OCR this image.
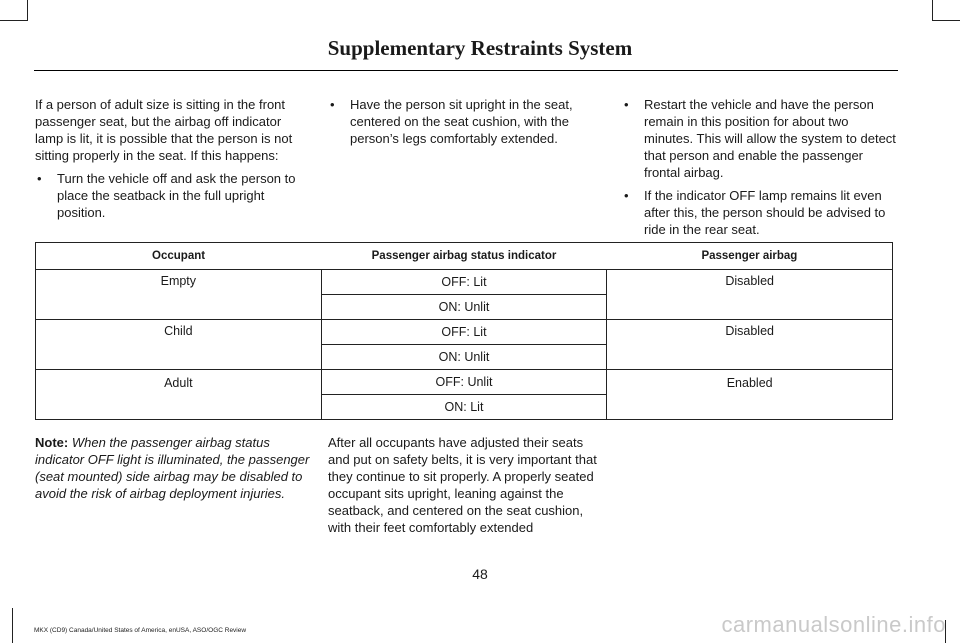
Supplementary Restraints System

If a person of adult size is sitting in the front passenger seat, but the airbag off indicator lamp is lit, it is possible that the person is not sitting properly in the seat. If this happens:

• Turn the vehicle off and ask the person to place the seatback in the full upright position.
• Have the person sit upright in the seat, centered on the seat cushion, with the person’s legs comfortably extended.
• Restart the vehicle and have the person remain in this position for about two minutes. This will allow the system to detect that person and enable the passenger frontal airbag.
• If the indicator OFF lamp remains lit even after this, the person should be advised to ride in the rear seat.
Occupant	Passenger airbag status indicator	Passenger airbag
Empty	OFF: Lit	Disabled
	ON: Unlit	
Child	OFF: Lit	Disabled
	ON: Unlit	
Adult	OFF: Unlit	Enabled
	ON: Lit	
Note: When the passenger airbag status indicator OFF light is illuminated, the passenger (seat mounted) side airbag may be disabled to avoid the risk of airbag deployment injuries.
After all occupants have adjusted their seats and put on safety belts, it is very important that they continue to sit properly. A properly seated occupant sits upright, leaning against the seatback, and centered on the seat cushion, with their feet comfortably extended
48
MKX (CD9) Canada/United States of America, enUSA, ASO/OGC Review	carmanualsonline.info
